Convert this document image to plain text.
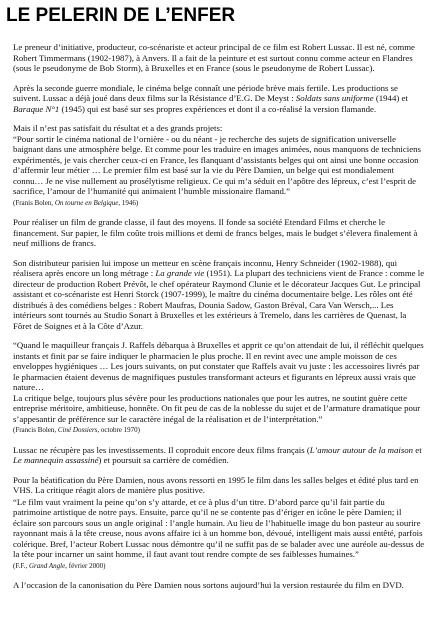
LE PELERIN DE L’ENFER

Le preneur d’initiative, producteur, co-scénariste et acteur principal de ce film est Robert Lussac. Il est né, comme Robert Timmermans (1902-1987), à Anvers. Il a fait de la peinture et est surtout connu comme acteur en Flandres (sous le pseudonyme de Bob Storm), à Bruxelles et en France (sous le pseudonyme de Robert Lussac).

Après la seconde guerre mondiale, le cinéma belge connaît une période brève mais fertile. Les productions se suivent. Lussac a déjà joué dans deux films sur la Résistance d’E.G. De Meyst : Soldats sans uniforme (1944) et Baraque N°1 (1945) qui est basé sur ses propres expériences et dont il a co-réalisé la version flamande.

Mais il n’est pas satisfait du résultat et a des grands projets:
“Pour sortir le cinéma national de l’ornière - ou du néant - je recherche des sujets de signification universelle baignant dans une atmosphère belge. Et comme pour les traduire en images animées, nous manquons de techniciens expérimentés, je vais chercher ceux-ci en France, les flanquant d’assistants belges qui ont ainsi une bonne occasion d’affermir leur métier … Le premier film est basé sur la vie du Père Damien, un belge qui est mondialement connu… Je ne vise nullement au prosélytisme religieux. Ce qui m’a séduit en l’apôtre des lépreux, c’est l’esprit de sacrifice, l’amour de l’humanité qui animaient l’humble missionaire flamand.”
(Franis Bolen, On tourne en Belgique, 1946)

Pour réaliser un film de grande classe, il faut des moyens. Il fonde sa société Etendard Films et cherche le financement. Sur papier, le film coûte trois millions et demi de francs belges, mais le budget s’élevera finalement à neuf millions de francs.

Son distributeur parisien lui impose un metteur en scène français inconnu, Henry Schneider (1902-1988), qui réalisera après encore un long métrage : La grande vie (1951). La plupart des techniciens vient de France : comme le directeur de production Robert Prévôt, le chef opérateur Raymond Clunie et le décorateur Jacques Gut. Le principal assistant et co-scénariste est Henri Storck (1907-1999), le maître du cinéma documentaire belge. Les rôles ont été distribués à des comédiens belges : Robert Maufras, Dounia Sadow, Gaston Bréval, Cara Van Wersch,... Les intérieurs sont tournés au Studio Sonart à Bruxelles et les extérieurs à Tremelo, dans les carrières de Quenast, la Fôret de Soignes et à la Côte d’Azur.

“Quand le maquilleur français J. Raffels débarqua à Bruxelles et apprit ce qu’on attendait de lui, il réfléchit quelques instants et finit par se faire indiquer le pharmacien le plus proche. Il en revint avec une ample moisson de ces enveloppes hygiéniques … Les jours suivants, on put constater que Raffels avait vu juste : les accessoires livrés par le pharmacien étaient devenus de magnifiques pustules transformant acteurs et figurants en lépreux aussi vrais que nature…
La critique belge, toujours plus sévère pour les productions nationales que pour les autres, ne soutint guère cette entreprise méritoire, ambitieuse, honnête. On fit peu de cas de la noblesse du sujet et de l’armature dramatique pour s’appesantir de préférence sur le caractère inégal de la réalisation et de l’interprétation.”
(Francis Bolen, Ciné Dossiers, octobre 1970)

Lussac ne récupère pas les investissements. Il coproduit encore deux films français (L’amour autour de la maison et Le mannequin assassiné) et poursuit sa carrière de comédien.

Pour la béatification du Père Damien, nous avons ressorti en 1995 le film dans les salles belges et édité plus tard en VHS. La critique réagit alors de manière plus positive.

“Le film vaut vraiment la peine qu’on s’y attarde, et ce à plus d’un titre. D’abord parce qu’il fait partie du patrimoine artistique de notre pays. Ensuite, parce qu’il ne se contente pas d’ériger en icône le père Damien; il éclaire son parcours sous un angle original : l’angle humain. Au lieu de l’habituelle image du bon pasteur au sourire rayonnant mais à la tête creuse, nous avons affaire ici à un homme bon, dévoué, intelligent mais aussi entêté, parfois colérique. Bref, l’acteur Robert Lussac nous démontre qu’il ne suffit pas de se balader avec une auréole au-dessus de la tête pour incarner un saint homme, il faut avant tout rendre compte de ses faiblesses humaines.”
(F.F., Grand Angle, février 2000)

A l’occasion de la canonisation du Père Damien nous sortons aujourd’hui la version restaurée du film en DVD.
